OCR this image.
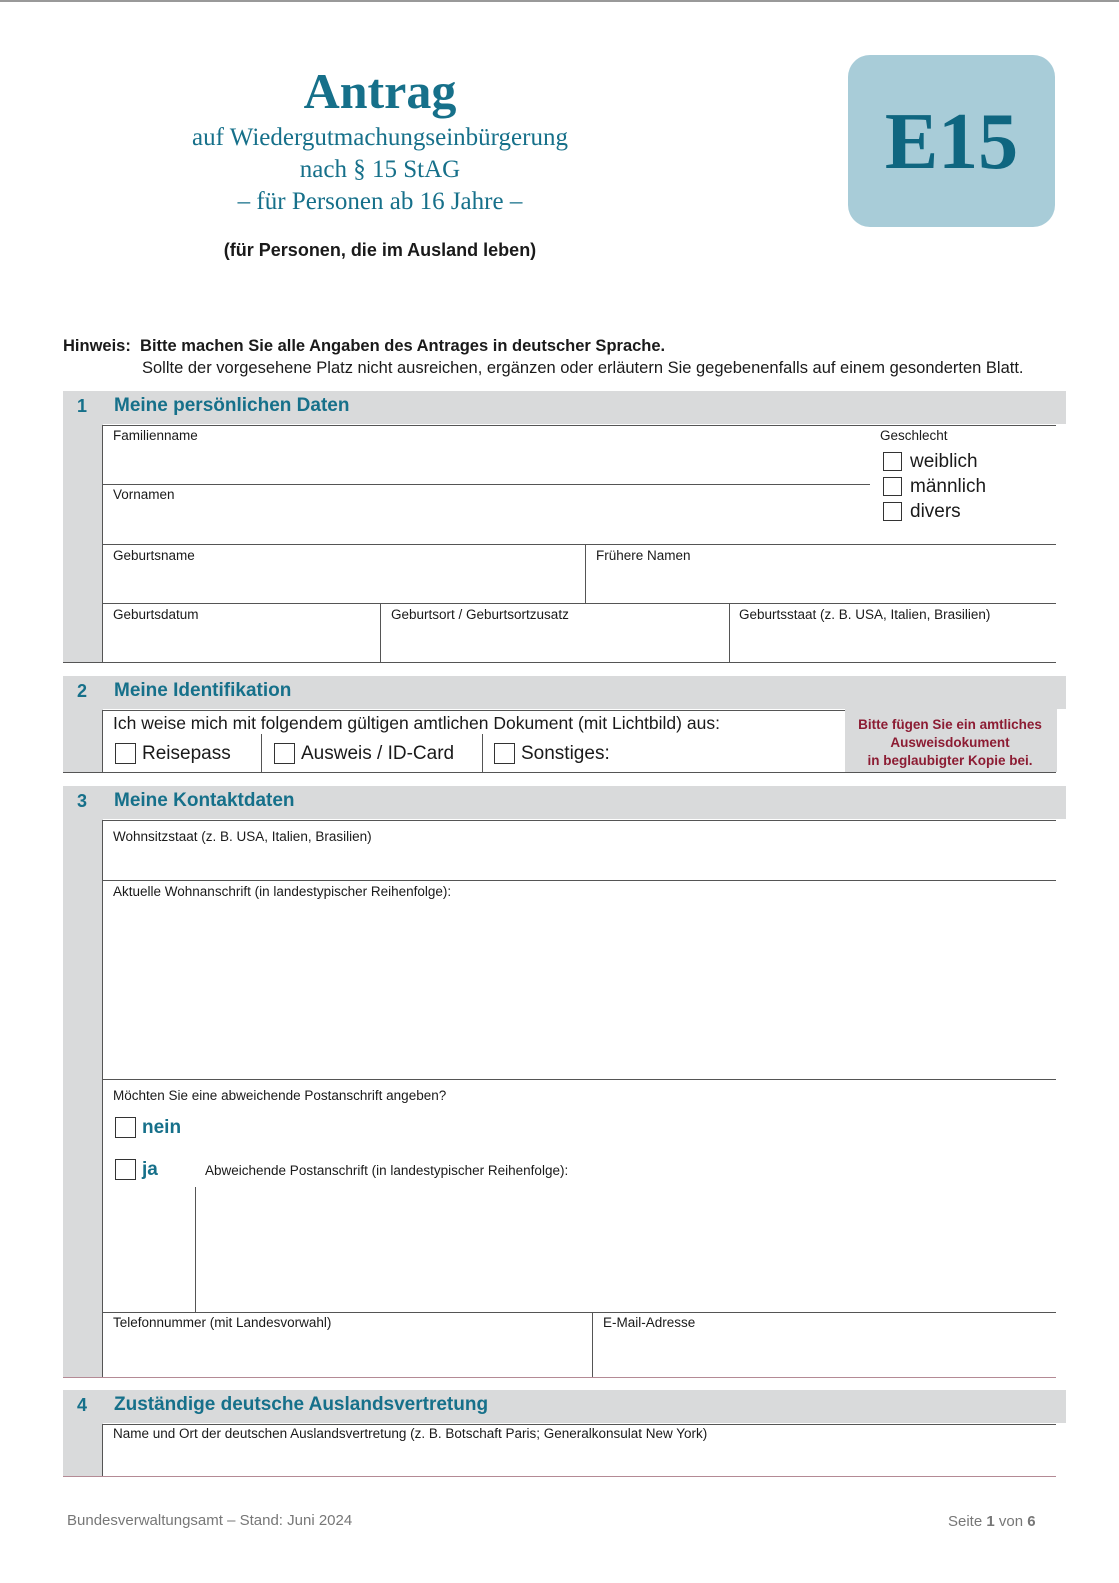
Antrag
auf Wiedergutmachungseinbürgerung
nach § 15 StAG
– für Personen ab 16 Jahre –
(für Personen, die im Ausland leben)
E15
Hinweis: Bitte machen Sie alle Angaben des Antrages in deutscher Sprache.
Sollte der vorgesehene Platz nicht ausreichen, ergänzen oder erläutern Sie gegebenenfalls auf einem gesonderten Blatt.
1 Meine persönlichen Daten
Familienname
Vornamen
Geschlecht
weiblich
männlich
divers
Geburtsname	Frühere Namen
Geburtsdatum	Geburtsort / Geburtsortzusatz	Geburtsstaat (z. B. USA, Italien, Brasilien)
2 Meine Identifikation
Ich weise mich mit folgendem gültigen amtlichen Dokument (mit Lichtbild) aus:
Reisepass	Ausweis / ID-Card	Sonstiges:
Bitte fügen Sie ein amtliches
Ausweisdokument
in beglaubigter Kopie bei.
3 Meine Kontaktdaten
Wohnsitzstaat (z. B. USA, Italien, Brasilien)
Aktuelle Wohnanschrift (in landestypischer Reihenfolge):
Möchten Sie eine abweichende Postanschrift angeben?
nein
ja	Abweichende Postanschrift (in landestypischer Reihenfolge):
Telefonnummer (mit Landesvorwahl)	E-Mail-Adresse
4 Zuständige deutsche Auslandsvertretung
Name und Ort der deutschen Auslandsvertretung (z. B. Botschaft Paris; Generalkonsulat New York)
Bundesverwaltungsamt – Stand: Juni 2024	Seite 1 von 6
